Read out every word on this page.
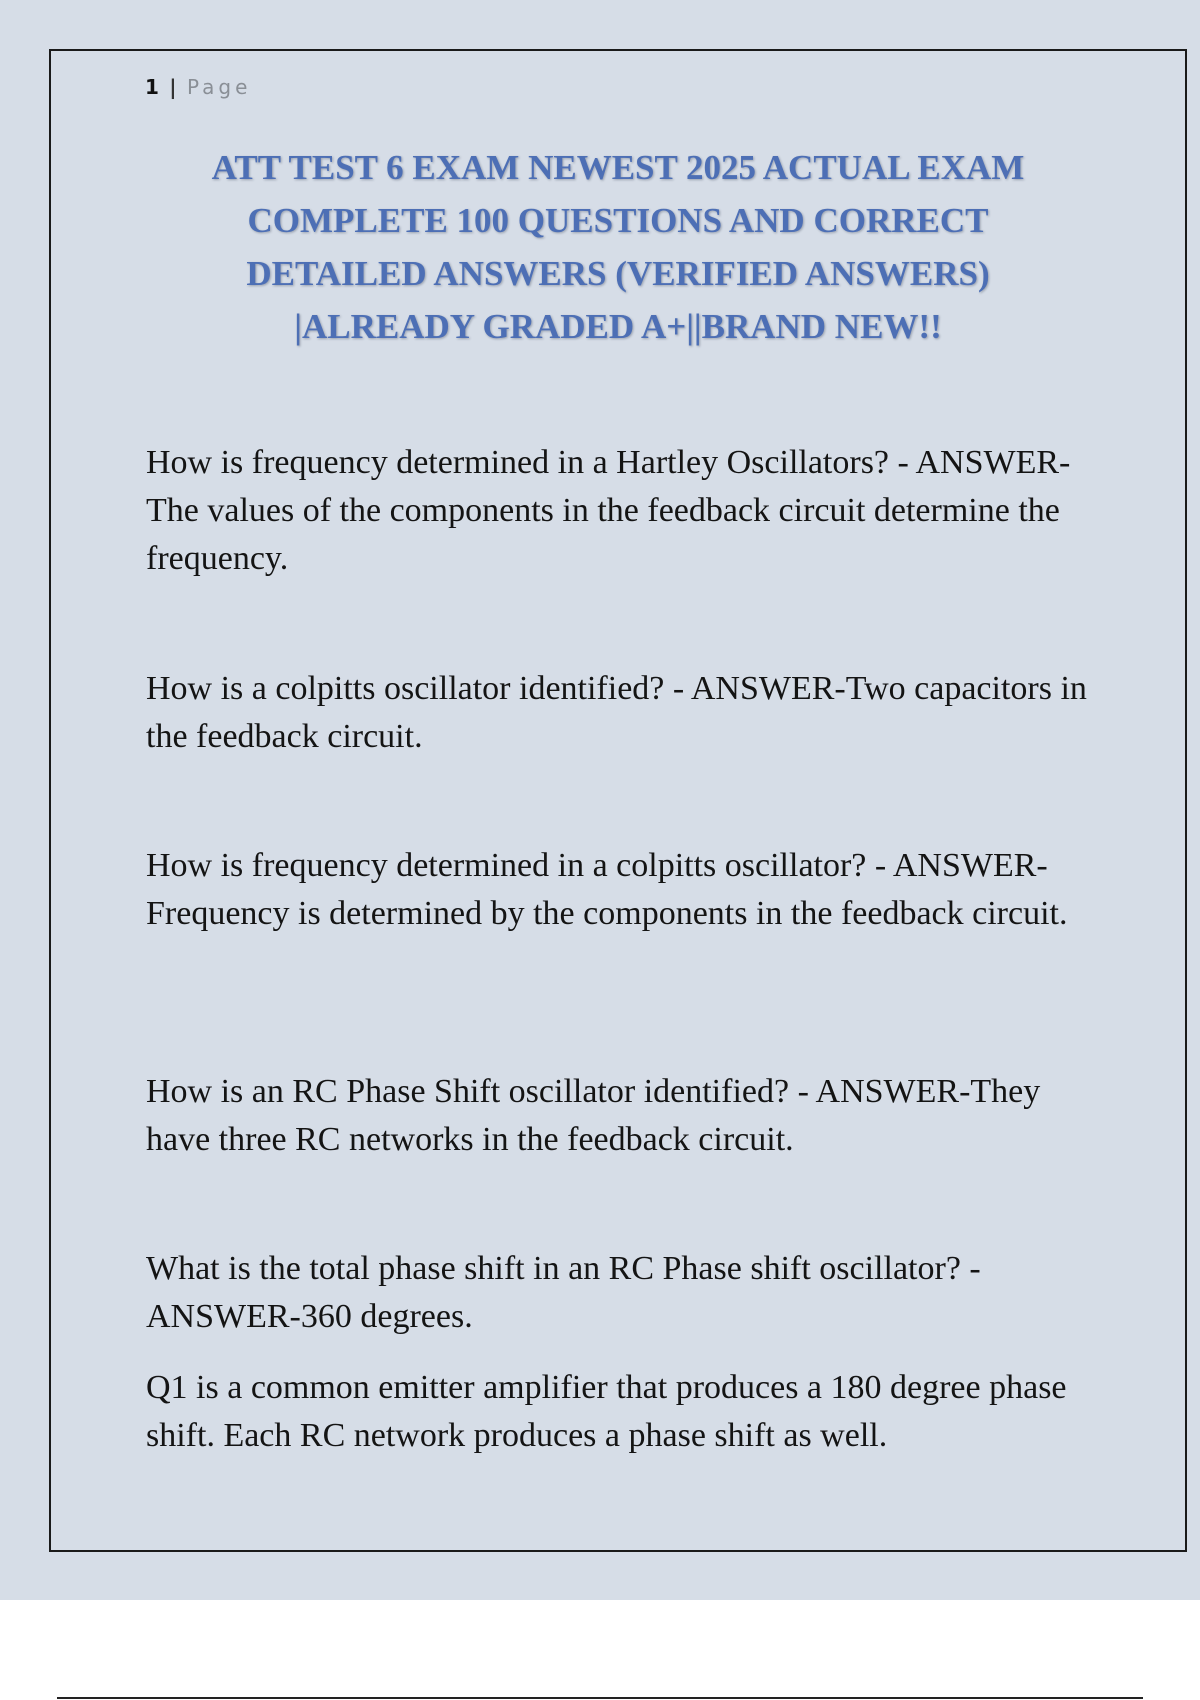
1 | Page
ATT TEST 6 EXAM NEWEST 2025 ACTUAL EXAM
COMPLETE 100 QUESTIONS AND CORRECT
DETAILED ANSWERS (VERIFIED ANSWERS)
|ALREADY GRADED A+||BRAND NEW!!

How is frequency determined in a Hartley Oscillators? - ANSWER-The values of the components in the feedback circuit determine the frequency.

How is a colpitts oscillator identified? - ANSWER-Two capacitors in the feedback circuit.

How is frequency determined in a colpitts oscillator? - ANSWER-Frequency is determined by the components in the feedback circuit.

How is an RC Phase Shift oscillator identified? - ANSWER-They have three RC networks in the feedback circuit.

What is the total phase shift in an RC Phase shift oscillator? - ANSWER-360 degrees.

Q1 is a common emitter amplifier that produces a 180 degree phase shift. Each RC network produces a phase shift as well.
